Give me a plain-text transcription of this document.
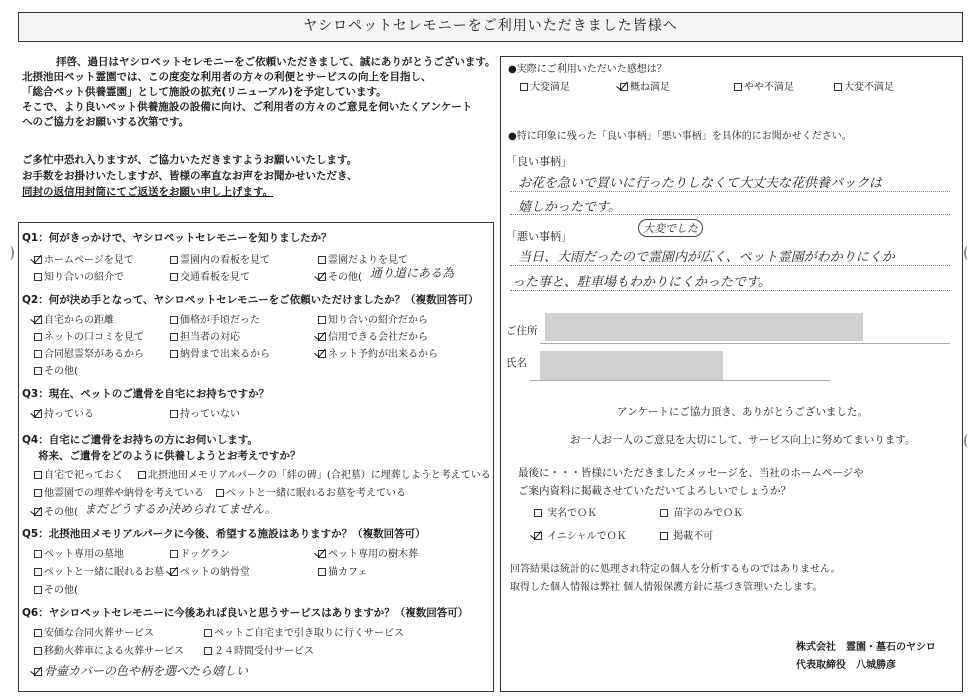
ヤシロペットセレモニーをご利用いただきました皆様へ
拝啓、過日はヤシロペットセレモニーをご依頼いただきまして、誠にありがとうございます。
北摂池田ペット霊園では、この度変な利用者の方々の利便とサービスの向上を目指し、
「総合ペット供養霊園」として施設の拡充(リニューアル)を予定しています。
そこで、より良いペット供養施設の設備に向け、ご利用者の方々のご意見を伺いたくアンケート
へのご協力をお願いする次第です。
ご多忙中恐れ入りますが、ご協力いただきますようお願いいたします。
お手数をお掛けいたしますが、皆様の率直なお声をお聞かせいただき、
同封の返信用封筒にてご返送をお願い申し上げます。
Q1：何がきっかけで、ヤシロペットセレモニーを知りましたか？
ホームページを見て	霊園内の看板を見て	霊園だよりを見て
知り合いの紹介で	交通看板を見て	その他( 通り道にある為
Q2：何が決め手となって、ヤシロペットセレモニーをご依頼いただけましたか？（複数回答可）
自宅からの距離	価格が手頃だった	知り合いの紹介だから
ネットの口コミを見て	担当者の対応	信用できる会社だから
合同慰霊祭があるから	納骨まで出来るから	ネット予約が出来るから
その他(
Q3：現在、ペットのご遺骨を自宅にお持ちですか？
持っている	持っていない
Q4：自宅にご遺骨をお持ちの方にお伺いします。
将来、ご遺骨をどのように供養しようとお考えですか？
自宅で祀っておく	北摂池田メモリアルパークの「絆の碑」(合祀墓）に埋葬しようと考えている
他霊園での埋葬や納骨を考えている	ペットと一緒に眠れるお墓を考えている
その他( まだどうするか決められてません。
Q5：北摂池田メモリアルパークに今後、希望する施設はありますか？（複数回答可）
ペット専用の墓地	ドッグラン	ペット専用の樹木葬
ペットと一緒に眠れるお墓	ペットの納骨堂	猫カフェ
その他(
Q6：ヤシロペットセレモニーに今後あれば良いと思うサービスはありますか？（複数回答可）
安価な合同火葬サービス	ペットご自宅まで引き取りに行くサービス
移動火葬車による火葬サービス	２４時間受付サービス
骨壷カバーの色や柄を選べたら嬉しい
●実際にご利用いただいた感想は？
大変満足	概ね満足	やや不満足	大変不満足
●特に印象に残った「良い事柄」「悪い事柄」を具体的にお聞かせください。
「良い事柄」
お花を急いで買いに行ったりしなくて大丈夫な花供養パックは
嬉しかったです。
「悪い事柄」
大変でした
当日、大雨だったので霊園内が広く、ペット霊園がわかりにくか
った事と、駐車場もわかりにくかったです。
ご住所
氏名
アンケートにご協力頂き、ありがとうございました。
お一人お一人のご意見を大切にして、サービス向上に努めてまいります。
最後に・・・皆様にいただきましたメッセージを、当社のホームページや
ご案内資料に掲載させていただいてよろしいでしょうか？
実名でＯＫ	苗字のみでＯＫ
イニシャルでＯＫ	掲載不可
回答結果は統計的に処理され特定の個人を分析するものではありません。
取得した個人情報は弊社 個人情報保護方針に基づき管理いたします。
株式会社　霊園・墓石のヤシロ
代表取締役　八城勝彦
